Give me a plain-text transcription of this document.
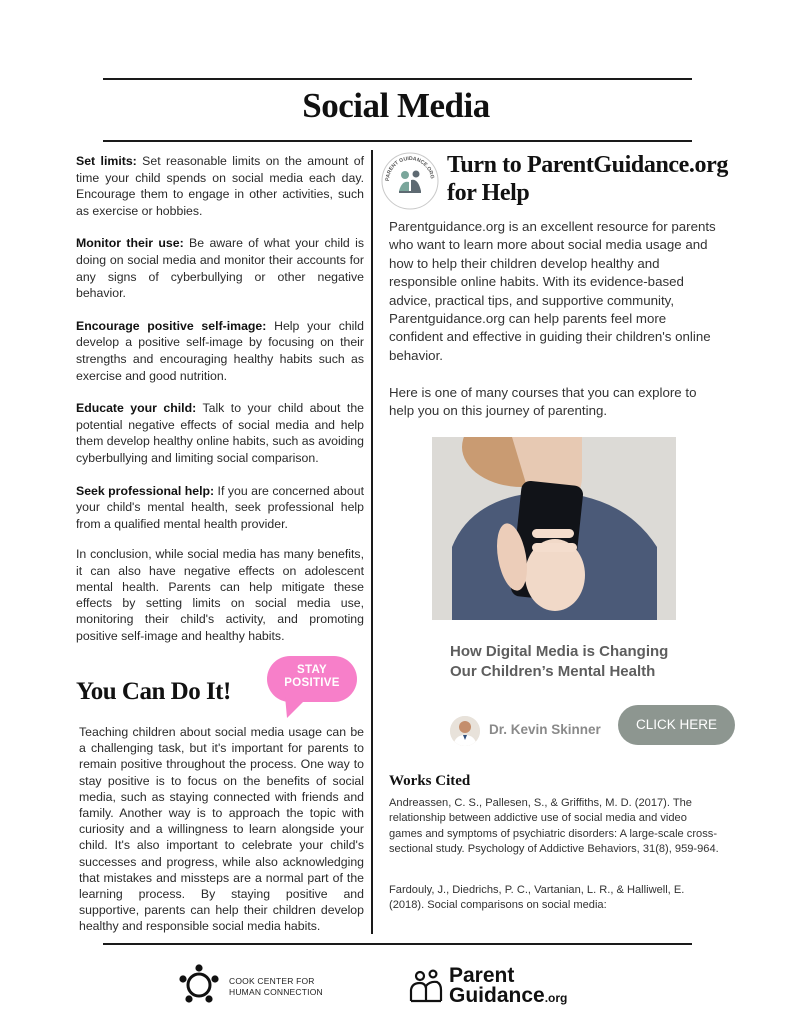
Social Media

Set limits: Set reasonable limits on the amount of time your child spends on social media each day. Encourage them to engage in other activities, such as exercise or hobbies.

Monitor their use: Be aware of what your child is doing on social media and monitor their accounts for any signs of cyberbullying or other negative behavior.

Encourage positive self-image: Help your child develop a positive self-image by focusing on their strengths and encouraging healthy habits such as exercise and good nutrition.

Educate your child: Talk to your child about the potential negative effects of social media and help them develop healthy online habits, such as avoiding cyberbullying and limiting social comparison.

Seek professional help: If you are concerned about your child's mental health, seek professional help from a qualified mental health provider.

In conclusion, while social media has many benefits, it can also have negative effects on adolescent mental health. Parents can help mitigate these effects by setting limits on social media use, monitoring their child's activity, and promoting positive self-image and healthy habits.

You Can Do It!
STAY
POSITIVE

Teaching children about social media usage can be a challenging task, but it's important for parents to remain positive throughout the process. One way to stay positive is to focus on the benefits of social media, such as staying connected with friends and family. Another way is to approach the topic with curiosity and a willingness to learn alongside your child. It's also important to celebrate your child's successes and progress, while also acknowledging that mistakes and missteps are a normal part of the learning process. By staying positive and supportive, parents can help their children develop healthy and responsible social media habits.

PARENT GUIDANCE.ORG Turn to ParentGuidance.org
for Help

Parentguidance.org is an excellent resource for parents who want to learn more about social media usage and how to help their children develop healthy and responsible online habits. With its evidence-based advice, practical tips, and supportive community, Parentguidance.org can help parents feel more confident and effective in guiding their children's online behavior.

Here is one of many courses that you can explore to help you on this journey of parenting.

How Digital Media is Changing Our Children’s Mental Health
Dr. Kevin Skinner	CLICK HERE
Works Cited

Andreassen, C. S., Pallesen, S., & Griffiths, M. D. (2017). The relationship between addictive use of social media and video games and symptoms of psychiatric disorders: A large-scale cross-sectional study. Psychology of Addictive Behaviors, 31(8), 959-964.

Fardouly, J., Diedrichs, P. C., Vartanian, L. R., & Halliwell, E. (2018). Social comparisons on social media:

COOK CENTER FOR
HUMAN CONNECTION
Parent
Guidance.org
